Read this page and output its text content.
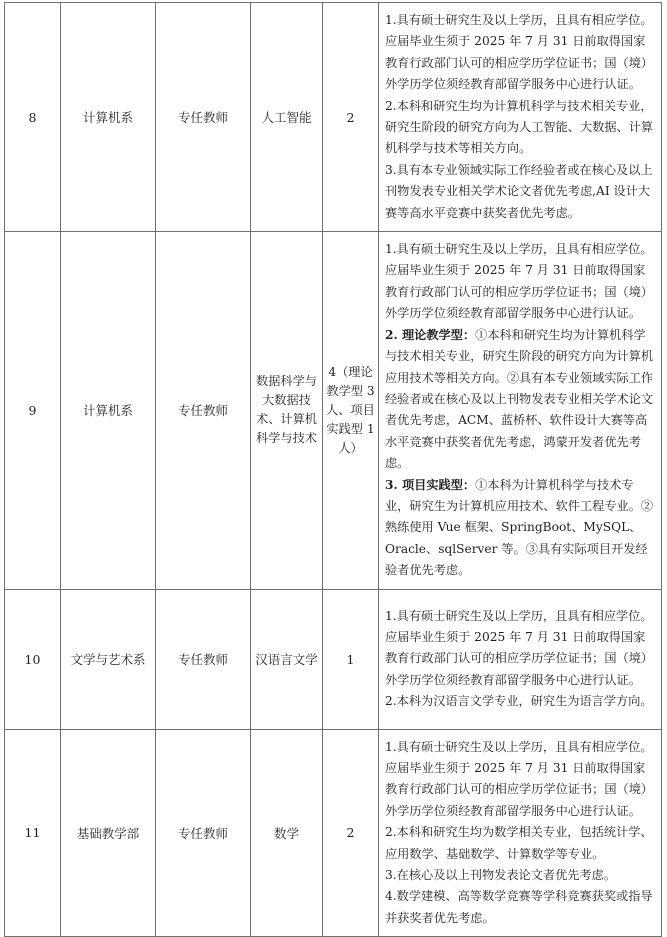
8	计算机系	专任教师	人工智能	2	1.具有硕士研究生及以上学历，且具有相应学位。应届毕业生须于 2025 年 7 月 31 日前取得国家教育行政部门认可的相应学历学位证书；国（境）外学历学位须经教育部留学服务中心进行认证。

2.本科和研究生均为计算机科学与技术相关专业，研究生阶段的研究方向为人工智能、大数据、计算机科学与技术等相关方向。

3.具有本专业领域实际工作经验者或在核心及以上刊物发表专业相关学术论文者优先考虑,AI 设计大赛等高水平竞赛中获奖者优先考虑。

9	计算机系	专任教师	数据科学与大数据技术、计算机科学与技术	4（理论教学型 3 人、项目实践型 1 人）	1.具有硕士研究生及以上学历，且具有相应学位。应届毕业生须于 2025 年 7 月 31 日前取得国家教育行政部门认可的相应学历学位证书；国（境）外学历学位须经教育部留学服务中心进行认证。

2. 理论教学型：①本科和研究生均为计算机科学与技术相关专业，研究生阶段的研究方向为计算机应用技术等相关方向。②具有本专业领域实际工作经验者或在核心及以上刊物发表专业相关学术论文者优先考虑，ACM、蓝桥杯、软件设计大赛等高水平竞赛中获奖者优先考虑，鸿蒙开发者优先考虑。

3. 项目实践型：①本科为计算机科学与技术专业，研究生为计算机应用技术、软件工程专业。②熟练使用 Vue 框架、SpringBoot、MySQL、Oracle、sqlServer 等。③具有实际项目开发经验者优先考虑。

10	文学与艺术系	专任教师	汉语言文学	1	1.具有硕士研究生及以上学历，且具有相应学位。应届毕业生须于 2025 年 7 月 31 日前取得国家教育行政部门认可的相应学历学位证书；国（境）外学历学位须经教育部留学服务中心进行认证。

2.本科为汉语言文学专业，研究生为语言学方向。

11	基础教学部	专任教师	数学	2	1.具有硕士研究生及以上学历，且具有相应学位。应届毕业生须于 2025 年 7 月 31 日前取得国家教育行政部门认可的相应学历学位证书；国（境）外学历学位须经教育部留学服务中心进行认证。

2.本科和研究生均为数学相关专业，包括统计学、应用数学、基础数学、计算数学等专业。

3.在核心及以上刊物发表论文者优先考虑。

4.数学建模、高等数学竞赛等学科竞赛获奖或指导并获奖者优先考虑。
